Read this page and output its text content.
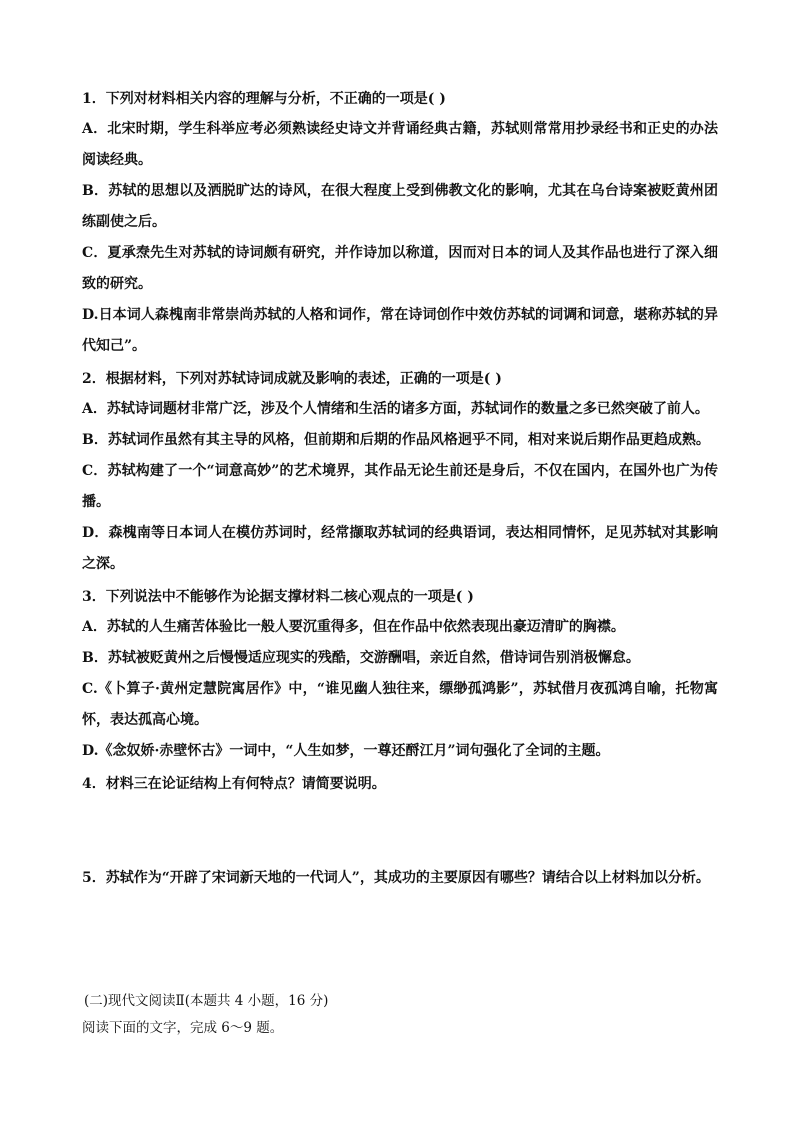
1．下列对材料相关内容的理解与分析，不正确的一项是( )
A．北宋时期，学生科举应考必须熟读经史诗文并背诵经典古籍，苏轼则常常用抄录经书和正史的办法
阅读经典。
B．苏轼的思想以及洒脱旷达的诗风，在很大程度上受到佛教文化的影响，尤其在乌台诗案被贬黄州团
练副使之后。
C．夏承焘先生对苏轼的诗词颇有研究，并作诗加以称道，因而对日本的词人及其作品也进行了深入细
致的研究。
D.日本词人森槐南非常崇尚苏轼的人格和词作，常在诗词创作中效仿苏轼的词调和词意，堪称苏轼的异
代知己”。
2．根据材料，下列对苏轼诗词成就及影响的表述，正确的一项是( )
A．苏轼诗词题材非常广泛，涉及个人情绪和生活的诸多方面，苏轼词作的数量之多已然突破了前人。
B．苏轼词作虽然有其主导的风格，但前期和后期的作品风格迥乎不同，相对来说后期作品更趋成熟。
C．苏轼构建了一个“词意高妙”的艺术境界，其作品无论生前还是身后，不仅在国内，在国外也广为传
播。
D．森槐南等日本词人在模仿苏词时，经常撷取苏轼词的经典语词，表达相同情怀，足见苏轼对其影响
之深。
3．下列说法中不能够作为论据支撑材料二核心观点的一项是( )
A．苏轼的人生痛苦体验比一般人要沉重得多，但在作品中依然表现出豪迈清旷的胸襟。
B．苏轼被贬黄州之后慢慢适应现实的残酷，交游酬唱，亲近自然，借诗词告别消极懈怠。
C.《卜算子·黄州定慧院寓居作》中，“谁见幽人独往来，缥缈孤鸿影”，苏轼借月夜孤鸿自喻，托物寓
怀，表达孤高心境。
D.《念奴娇·赤壁怀古》一词中，“人生如梦，一尊还酹江月”词句强化了全词的主题。
4．材料三在论证结构上有何特点？请简要说明。
5．苏轼作为“开辟了宋词新天地的一代词人”，其成功的主要原因有哪些？请结合以上材料加以分析。
(二)现代文阅读Ⅱ(本题共 4 小题，16 分)
阅读下面的文字，完成 6～9 题。
